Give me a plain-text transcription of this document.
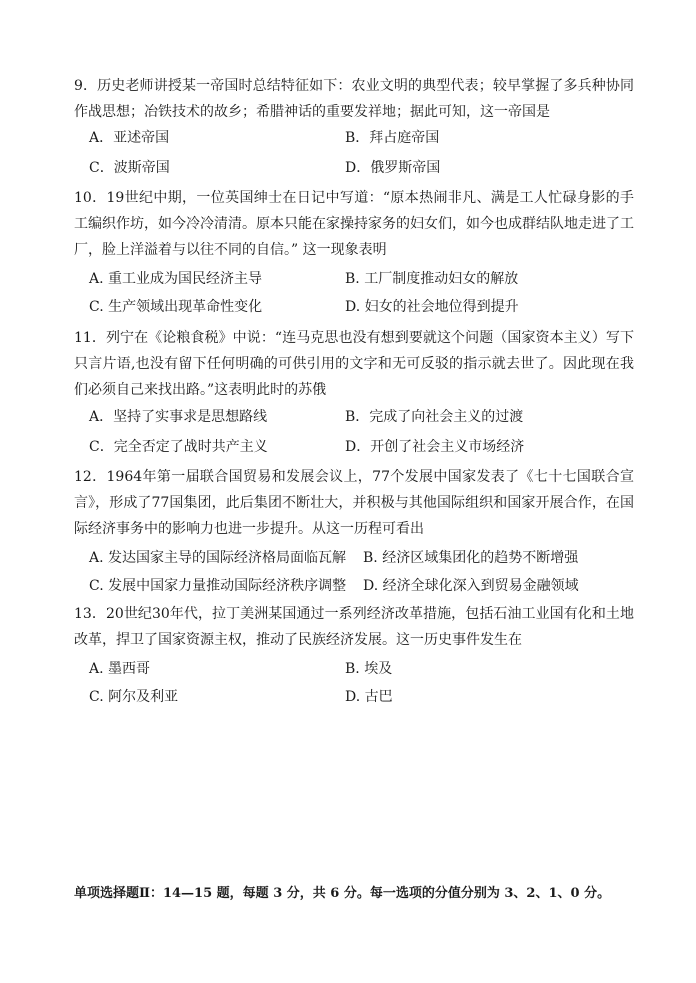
9．历史老师讲授某一帝国时总结特征如下：农业文明的典型代表；较早掌握了多兵种协同作战思想；冶铁技术的故乡；希腊神话的重要发祥地；据此可知，这一帝国是
A．亚述帝国	B．拜占庭帝国
C．波斯帝国	D．俄罗斯帝国
10．19世纪中期，一位英国绅士在日记中写道：“原本热闹非凡、满是工人忙碌身影的手工编织作坊，如今冷冷清清。原本只能在家操持家务的妇女们，如今也成群结队地走进了工厂，脸上洋溢着与以往不同的自信。” 这一现象表明
A. 重工业成为国民经济主导	B. 工厂制度推动妇女的解放
C. 生产领域出现革命性变化	D. 妇女的社会地位得到提升
11．列宁在《论粮食税》中说：“连马克思也没有想到要就这个问题（国家资本主义）写下只言片语,也没有留下任何明确的可供引用的文字和无可反驳的指示就去世了。因此现在我们必须自己来找出路。”这表明此时的苏俄
A．坚持了实事求是思想路线	B．完成了向社会主义的过渡
C．完全否定了战时共产主义	D．开创了社会主义市场经济
12．1964年第一届联合国贸易和发展会议上，77个发展中国家发表了《七十七国联合宣言》，形成了77国集团，此后集团不断壮大，并积极与其他国际组织和国家开展合作，在国际经济事务中的影响力也进一步提升。从这一历程可看出
A. 发达国家主导的国际经济格局面临瓦解 B. 经济区域集团化的趋势不断增强
C. 发展中国家力量推动国际经济秩序调整 D. 经济全球化深入到贸易金融领域
13．20世纪30年代，拉丁美洲某国通过一系列经济改革措施，包括石油工业国有化和土地改革，捍卫了国家资源主权，推动了民族经济发展。这一历史事件发生在
A. 墨西哥	B. 埃及
C. 阿尔及利亚	D. 古巴
单项选择题Ⅱ：14—15 题，每题 3 分，共 6 分。每一选项的分值分别为 3、2、1、0 分。
